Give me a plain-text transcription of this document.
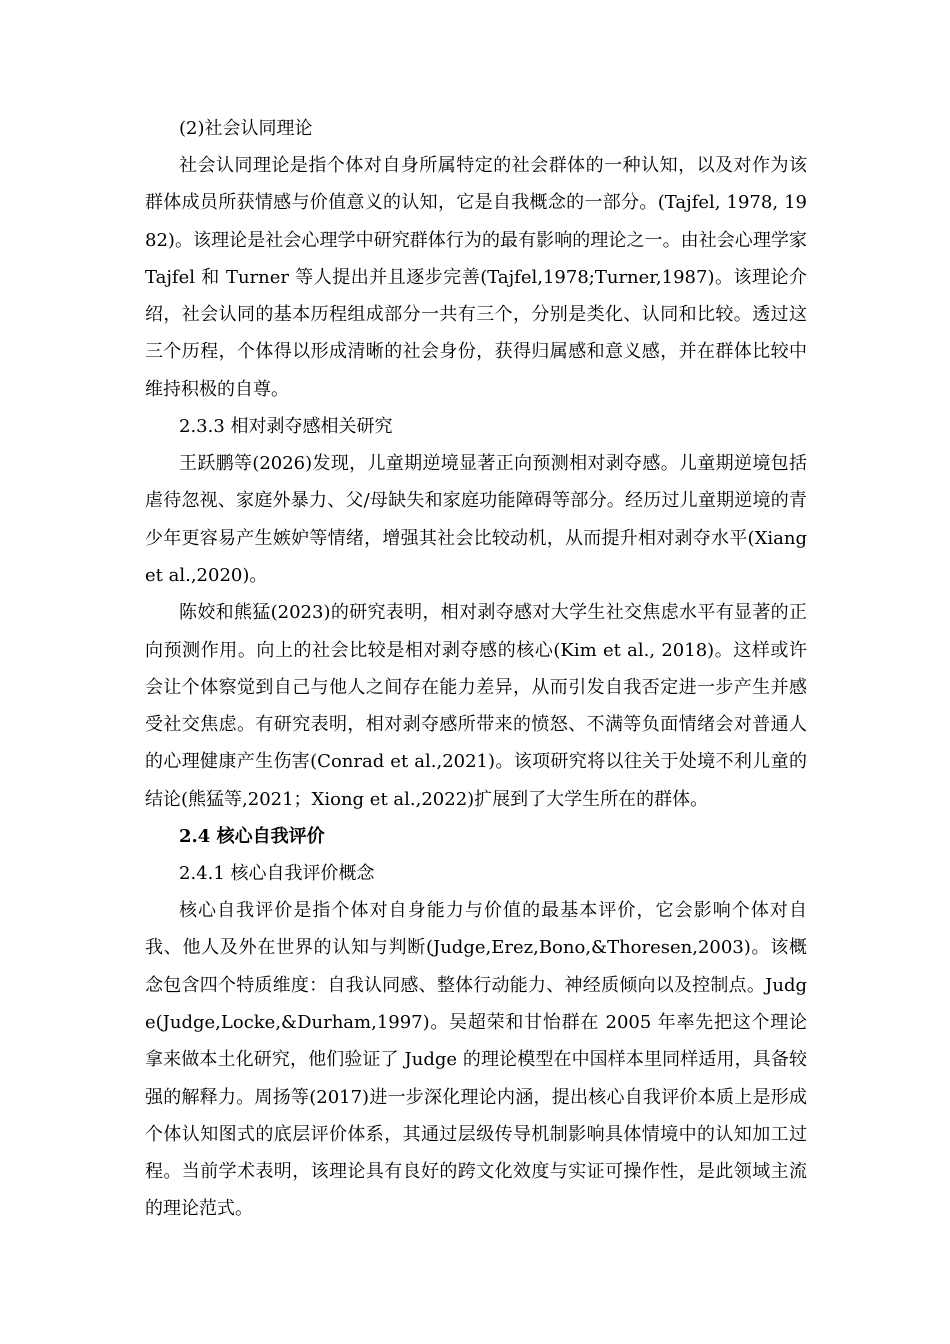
(2)社会认同理论

社会认同理论是指个体对自身所属特定的社会群体的一种认知，以及对作为该群体成员所获情感与价值意义的认知，它是自我概念的一部分。(Tajfel, 1978, 1982)。该理论是社会心理学中研究群体行为的最有影响的理论之一。由社会心理学家 Tajfel 和 Turner 等人提出并且逐步完善(Tajfel,1978;Turner,1987)。该理论介绍，社会认同的基本历程组成部分一共有三个，分别是类化、认同和比较。透过这三个历程，个体得以形成清晰的社会身份，获得归属感和意义感，并在群体比较中维持积极的自尊。

2.3.3 相对剥夺感相关研究

王跃鹏等(2026)发现，儿童期逆境显著正向预测相对剥夺感。儿童期逆境包括虐待忽视、家庭外暴力、父/母缺失和家庭功能障碍等部分。经历过儿童期逆境的青少年更容易产生嫉妒等情绪，增强其社会比较动机，从而提升相对剥夺水平(Xiang et al.,2020)。

陈姣和熊猛(2023)的研究表明，相对剥夺感对大学生社交焦虑水平有显著的正向预测作用。向上的社会比较是相对剥夺感的核心(Kim et al., 2018)。这样或许会让个体察觉到自己与他人之间存在能力差异，从而引发自我否定进一步产生并感受社交焦虑。有研究表明，相对剥夺感所带来的愤怒、不满等负面情绪会对普通人的心理健康产生伤害(Conrad et al.,2021)。该项研究将以往关于处境不利儿童的结论(熊猛等,2021；Xiong et al.,2022)扩展到了大学生所在的群体。

2.4 核心自我评价
2.4.1 核心自我评价概念

核心自我评价是指个体对自身能力与价值的最基本评价，它会影响个体对自我、他人及外在世界的认知与判断(Judge,Erez,Bono,&Thoresen,2003)。该概念包含四个特质维度：自我认同感、整体行动能力、神经质倾向以及控制点。Judge(Judge,Locke,&Durham,1997)。吴超荣和甘怡群在 2005 年率先把这个理论拿来做本土化研究，他们验证了 Judge 的理论模型在中国样本里同样适用，具备较强的解释力。周扬等(2017)进一步深化理论内涵，提出核心自我评价本质上是形成个体认知图式的底层评价体系，其通过层级传导机制影响具体情境中的认知加工过程。当前学术表明，该理论具有良好的跨文化效度与实证可操作性，是此领域主流的理论范式。
